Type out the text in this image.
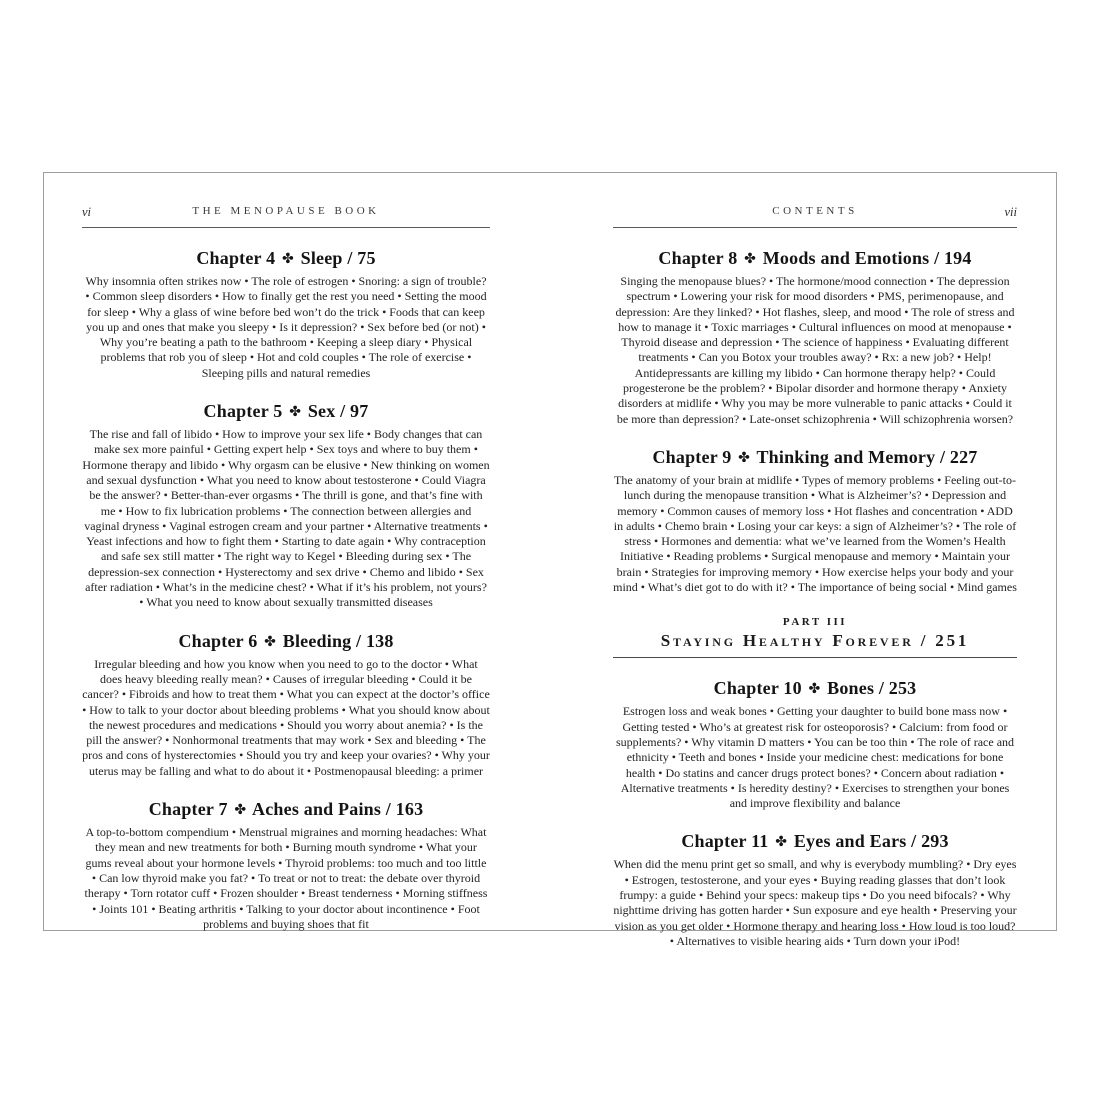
vi	THE MENOPAUSE BOOK
Chapter 4 ✤ Sleep / 75

Why insomnia often strikes now • The role of estrogen • Snoring: a sign of trouble? • Common sleep disorders • How to finally get the rest you need • Setting the mood for sleep • Why a glass of wine before bed won’t do the trick • Foods that can keep you up and ones that make you sleepy • Is it depression? • Sex before bed (or not) • Why you’re beating a path to the bathroom • Keeping a sleep diary • Physical problems that rob you of sleep • Hot and cold couples • The role of exercise • Sleeping pills and natural remedies

Chapter 5 ✤ Sex / 97

The rise and fall of libido • How to improve your sex life • Body changes that can make sex more painful • Getting expert help • Sex toys and where to buy them • Hormone therapy and libido • Why orgasm can be elusive • New thinking on women and sexual dysfunction • What you need to know about testosterone • Could Viagra be the answer? • Better-than-ever orgasms • The thrill is gone, and that’s fine with me • How to fix lubrication problems • The connection between allergies and vaginal dryness • Vaginal estrogen cream and your partner • Alternative treatments • Yeast infections and how to fight them • Starting to date again • Why contraception and safe sex still matter • The right way to Kegel • Bleeding during sex • The depression-sex connection • Hysterectomy and sex drive • Chemo and libido • Sex after radiation • What’s in the medicine chest? • What if it’s his problem, not yours? • What you need to know about sexually transmitted diseases

Chapter 6 ✤ Bleeding / 138

Irregular bleeding and how you know when you need to go to the doctor • What does heavy bleeding really mean? • Causes of irregular bleeding • Could it be cancer? • Fibroids and how to treat them • What you can expect at the doctor’s office • How to talk to your doctor about bleeding problems • What you should know about the newest procedures and medications • Should you worry about anemia? • Is the pill the answer? • Nonhormonal treatments that may work • Sex and bleeding • The pros and cons of hysterectomies • Should you try and keep your ovaries? • Why your uterus may be falling and what to do about it • Postmenopausal bleeding: a primer

Chapter 7 ✤ Aches and Pains / 163

A top-to-bottom compendium • Menstrual migraines and morning headaches: What they mean and new treatments for both • Burning mouth syndrome • What your gums reveal about your hormone levels • Thyroid problems: too much and too little • Can low thyroid make you fat? • To treat or not to treat: the debate over thyroid therapy • Torn rotator cuff • Frozen shoulder • Breast tenderness • Morning stiffness • Joints 101 • Beating arthritis • Talking to your doctor about incontinence • Foot problems and buying shoes that fit

CONTENTS	vii
Chapter 8 ✤ Moods and Emotions / 194

Singing the menopause blues? • The hormone/mood connection • The depression spectrum • Lowering your risk for mood disorders • PMS, perimenopause, and depression: Are they linked? • Hot flashes, sleep, and mood • The role of stress and how to manage it • Toxic marriages • Cultural influences on mood at menopause • Thyroid disease and depression • The science of happiness • Evaluating different treatments • Can you Botox your troubles away? • Rx: a new job? • Help! Antidepressants are killing my libido • Can hormone therapy help? • Could progesterone be the problem? • Bipolar disorder and hormone therapy • Anxiety disorders at midlife • Why you may be more vulnerable to panic attacks • Could it be more than depression? • Late-onset schizophrenia • Will schizophrenia worsen?

Chapter 9 ✤ Thinking and Memory / 227

The anatomy of your brain at midlife • Types of memory problems • Feeling out-to-lunch during the menopause transition • What is Alzheimer’s? • Depression and memory • Common causes of memory loss • Hot flashes and concentration • ADD in adults • Chemo brain • Losing your car keys: a sign of Alzheimer’s? • The role of stress • Hormones and dementia: what we’ve learned from the Women’s Health Initiative • Reading problems • Surgical menopause and memory • Maintain your brain • Strategies for improving memory • How exercise helps your body and your mind • What’s diet got to do with it? • The importance of being social • Mind games

PART III
Staying Healthy Forever / 251
Chapter 10 ✤ Bones / 253

Estrogen loss and weak bones • Getting your daughter to build bone mass now • Getting tested • Who’s at greatest risk for osteoporosis? • Calcium: from food or supplements? • Why vitamin D matters • You can be too thin • The role of race and ethnicity • Teeth and bones • Inside your medicine chest: medications for bone health • Do statins and cancer drugs protect bones? • Concern about radiation • Alternative treatments • Is heredity destiny? • Exercises to strengthen your bones and improve flexibility and balance

Chapter 11 ✤ Eyes and Ears / 293

When did the menu print get so small, and why is everybody mumbling? • Dry eyes • Estrogen, testosterone, and your eyes • Buying reading glasses that don’t look frumpy: a guide • Behind your specs: makeup tips • Do you need bifocals? • Why nighttime driving has gotten harder • Sun exposure and eye health • Preserving your vision as you get older • Hormone therapy and hearing loss • How loud is too loud? • Alternatives to visible hearing aids • Turn down your iPod!
